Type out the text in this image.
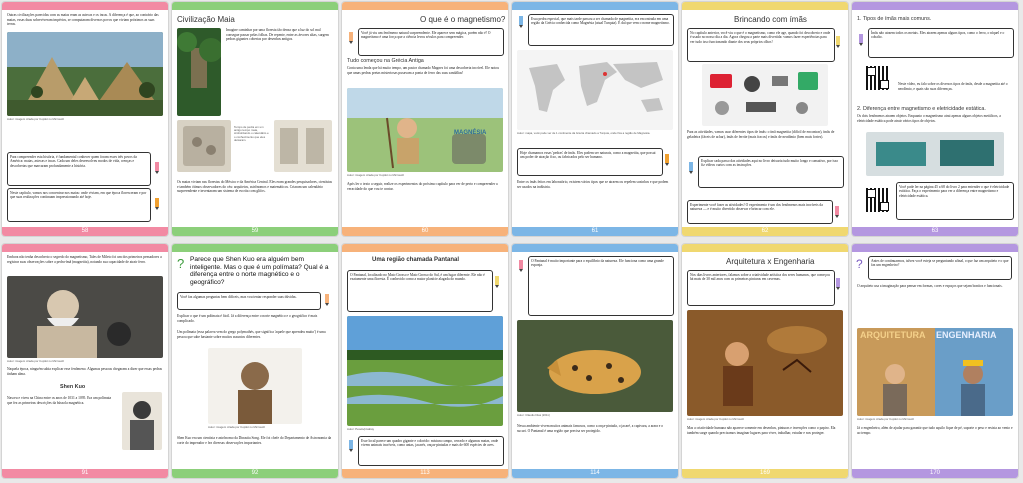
Outras civilizações parecidas com as maias eram as astecas e os incas. A diferença é que, ao contrário das maias, essas duas sobreviveram impérios, se computaram diversos povos que viviam próximos as suas terras.
Autor: imagem criada por Copilot no Microsoft
Para compreender esta história, é fundamental conhecer quem foram esses três povos da América: maias, astecas e incas. Cada um deles desenvolveu modos de vida, crenças e descobertas que marcaram profundamente a história.
Neste capítulo, vamos nos concentrar nos maias: onde viviam, em que época floresceram e por que suas realizações continuam impressionando até hoje.
58
Civilização Maia
Imagine caminhar por uma floresta tão densa que a luz do sol mal consegue passar pelas folhas. De repente, entre as árvores altas, surgem pedras gigantes cobertas por desenhos antigos.
Tempo de pedra em um antigo tempo maia, simbolizando o calendário e o conhecimento que eles deixaram.
Os maias viviam nas florestas do México e da América Central. Eles eram grandes pesquisadores, cientistas e também ótimos observadores do céu: arquitetos, astrônomos e matemáticos. Criaram um calendário surpreendente e inventaram um sistema de escrita com glifos.
59
O que é o magnetismo?
Você já viu um fenômeno natural surpreendente. Ele aparece sem mágica, porém não é! O magnetismo é uma força que a ciência levou séculos para compreender.
Tudo começou na Grécia Antiga
Conta uma lenda que há muito tempo, um pastor chamado Magnes foi uma descoberta incrível. Ele notou que umas pedras pretas misteriosas puxavam a ponta de ferro das suas sandálias!
MAGNÉSIA
Autor: imagem criada por Copilot no Microsoft
Após ler o texto a seguir, realize os experimentos do próximo capítulo para ver de perto e compreender a veracidade do que vou te contar.
60
Essa pedra especial, que mais tarde passou a ser chamada de magnetita, era encontrada em uma região da Grécia conhecida como Magnésia (atual Turquia). É daí que vem o nome magnetismo.
Autor: mapa, você pode ver de 1 continente da Grécia chamado a Turquia, onde fica a região de Magnésia.
Hoje chamamos essas 'pedras' de ímãs. Eles podem ser naturais, como a magnetita, que possui um poder de atração fixo, ou fabricados pelo ser humano.
Entre os ímãs feitos em laboratório, existem vários tipos que se atraem ou repelem sozinhos e que podem ser usados na indústria.
61
Brincando com ímãs
No capítulo anterior, você viu o que é o magnetismo, como ele age, quando foi descoberto e onde é usado no nosso dia a dia. Agora chegou a parte mais divertida: vamos fazer experiências para ver tudo isso funcionando diante dos seus próprios olhos!
Para as atividades, vamos usar diferentes tipos de ímãs: o ímã magnetita (difícil de encontrar), ímãs de geladeira (fáceis de achar), ímãs de ferrite (mais fracos) e ímãs de neodímio (bem mais fortes).
Explicar cada passo das atividades aqui no livro deixaria tudo muito longo e cansativo, por isso fiz vídeos curtos com as instruções.
Experimente você fazer as atividades! O experimento é um dos fenômenos mais incríveis da natureza — e é muito divertido observar e brincar com ele.
62
1. Tipos de ímãs mais comuns.
Ímãs não atraem todos os metais. Eles atraem apenas alguns tipos, como o ferro, o níquel e o cobalto.
Neste vídeo, eu falo sobre os diversos tipos de ímãs, desde a magnetita até o neodímio, e quais são suas diferenças.
2. Diferença entre magnetismo e eletricidade estática.
Os dois fenômenos atraem objetos. Enquanto o magnetismo atrai apenas alguns objetos metálicos, a eletricidade estática pode atrair vários tipos de objetos.
Você pode ler na página 45 a 68 do livro 2 para entender o que é eletricidade estática. Faça o experimento para ver a diferença entre magnetismo e eletricidade estática.
63
Embora não tenha descoberto o segredo do magnetismo, Tales de Mileto foi um dos primeiros pensadores a registrar suas observações sobre a pedra-ímã (magnetita), notando sua capacidade de atrair ferro.
Autor: imagem criada por Copilot no Microsoft
Naquela época, ninguém sabia explicar esse fenômeno. Algumas pessoas chegaram a dizer que essas pedras tinham alma.
Shen Kuo
Nasceu e viveu na China entre os anos de 1031 a 1095. Era um polímata que fez as primeiras descrições da bússola magnética.
91
? Parece que Shen Kuo era alguém bem inteligente. Mas o que é um polímata? Qual é a diferença entre o norte magnético e o geográfico?
Você faz algumas perguntas bem difíceis, mas vou tentar responder suas dúvidas.
Explicar o que é um polímata é fácil. Já a diferença entre o norte magnético e o geográfico é mais complicado.
Um polímata (essa palavra vem do grego polymathés, que significa 'aquele que aprendeu muito') é uma pessoa que sabe bastante sobre muitos assuntos diferentes.
Autor: imagem criada por Copilot no Microsoft
Shen Kuo era um cientista e astrônomo da Dinastia Song. Ele foi chefe do Departamento de Astronomia da corte do imperador e fez diversas observações importantes.
92
Uma região chamada Pantanal
O Pantanal, localizado no Mato Grosso e Mato Grosso do Sul, é um lugar diferente. Ele não é exatamente uma floresta. É conhecido como a maior planície alagada do mundo.
Autor: Pexels/pixabay
Esse local parece um quadro gigante e colorido: mistura campo, cerrado e algumas matas, onde vivem animais incríveis, como antas, jacarés, onças-pintadas e mais de 600 espécies de aves.
113
O Pantanal é muito importante para o equilíbrio da natureza. Ele funciona como uma grande esponja.
Autor: Cláudio Dias (2011)
Nessa ambiente vivem muitos animais famosos, como a onça-pintada, o jacaré, a capivara, a arara e o sucuri. O Pantanal é uma região que precisa ser protegido.
114
Arquitetura x Engenharia
Nos dias livros anteriores, falamos sobre a criatividade artística dos seres humanos, que começou há mais de 30 mil anos com as primeiras pinturas em cavernas.
Autor: imagem criada por Copilot no Microsoft
Mas a criatividade humana não aparece somente em desenhos, pinturas e invenções como o papiro. Ela também surge quando precisamos imaginar lugares para viver, trabalhar, estudar e nos proteger.
169
?	Antes de continuarmos, talvez você esteja se perguntando afinal, o que faz um arquiteto e o que faz um engenheiro?
O arquiteto usa a imaginação para pensar em formas, cores e espaços que sejam bonitos e funcionais.
ARQUITETURA ENGENHARIA
Autor: imagem criada por Copilot no Microsoft
Já o engenheiro, além de ajudar para garantir que tudo aquilo fique de pé, suporte o peso e resista ao vento e ao tempo.
170
